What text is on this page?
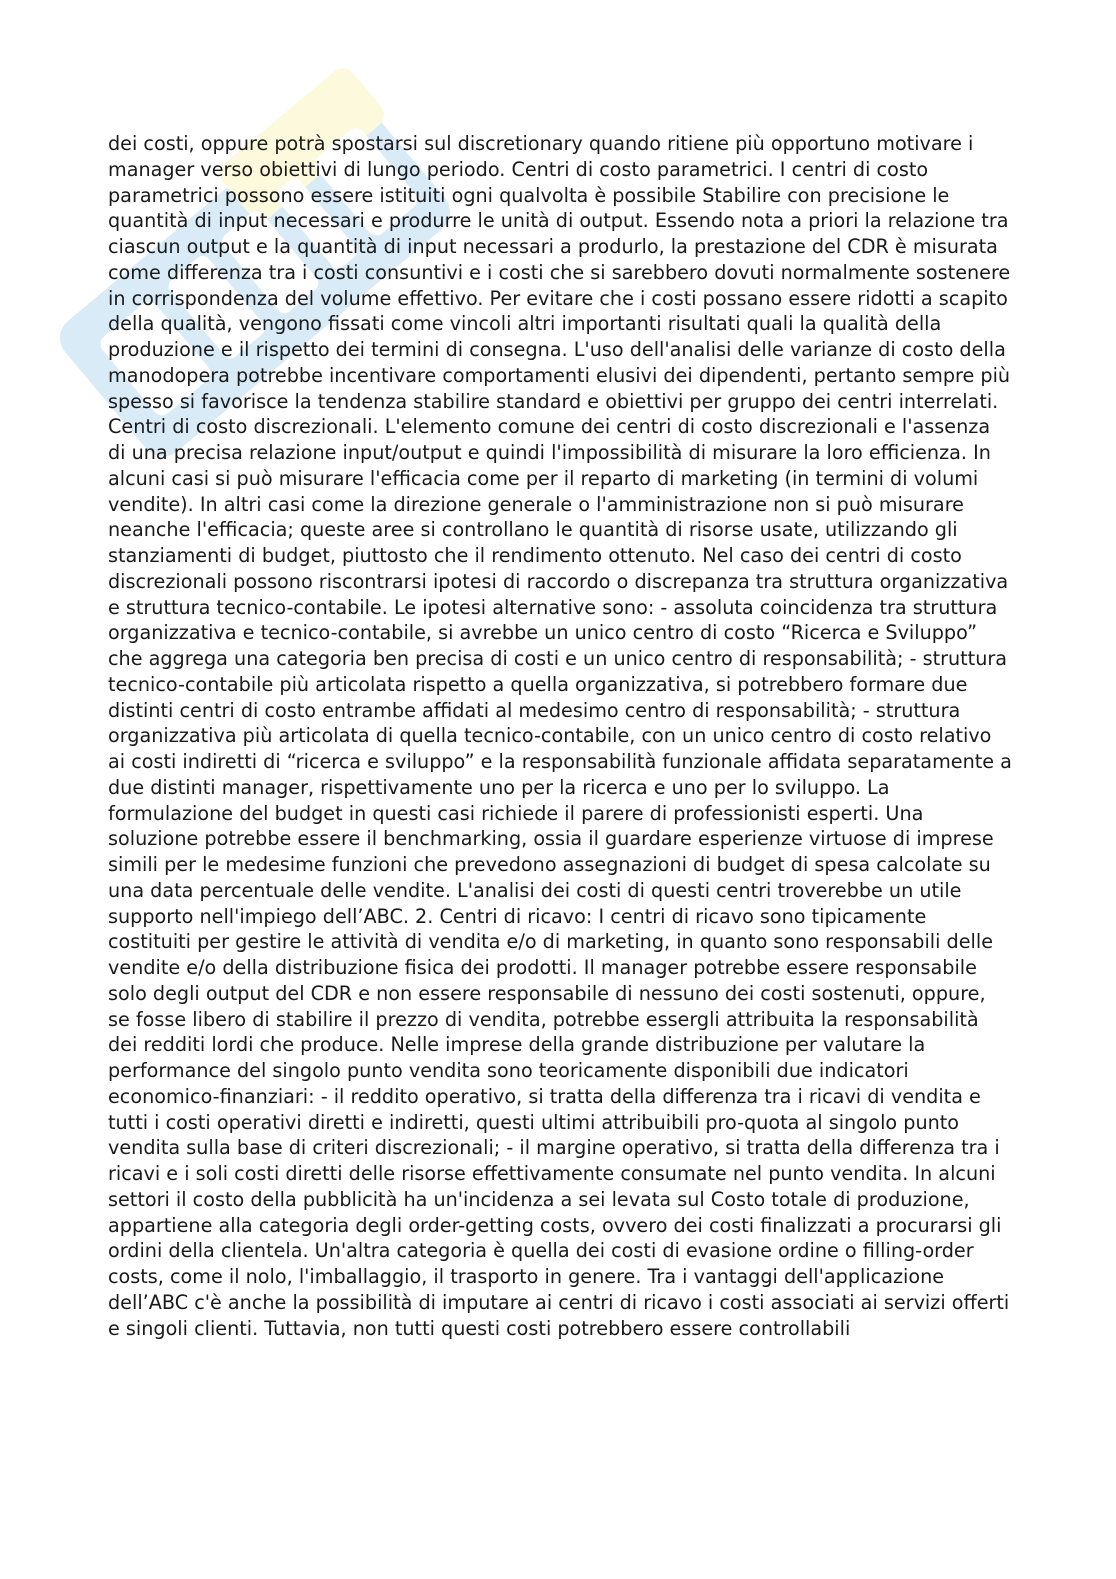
dei costi, oppure potrà spostarsi sul discretionary quando ritiene più opportuno motivare i manager verso obiettivi di lungo periodo. Centri di costo parametrici. I centri di costo parametrici possono essere istituiti ogni qualvolta è possibile Stabilire con precisione le quantità di input necessari e produrre le unità di output. Essendo nota a priori la relazione tra ciascun output e la quantità di input necessari a produrlo, la prestazione del CDR è misurata come differenza tra i costi consuntivi e i costi che si sarebbero dovuti normalmente sostenere in corrispondenza del volume effettivo. Per evitare che i costi possano essere ridotti a scapito della qualità, vengono fissati come vincoli altri importanti risultati quali la qualità della produzione e il rispetto dei termini di consegna. L'uso dell'analisi delle varianze di costo della manodopera potrebbe incentivare comportamenti elusivi dei dipendenti, pertanto sempre più spesso si favorisce la tendenza stabilire standard e obiettivi per gruppo dei centri interrelati. Centri di costo discrezionali. L'elemento comune dei centri di costo discrezionali e l'assenza di una precisa relazione input/output e quindi l'impossibilità di misurare la loro efficienza. In alcuni casi si può misurare l'efficacia come per il reparto di marketing (in termini di volumi vendite). In altri casi come la direzione generale o l'amministrazione non si può misurare neanche l'efficacia; queste aree si controllano le quantità di risorse usate, utilizzando gli stanziamenti di budget, piuttosto che il rendimento ottenuto. Nel caso dei centri di costo discrezionali possono riscontrarsi ipotesi di raccordo o discrepanza tra struttura organizzativa e struttura tecnico-contabile. Le ipotesi alternative sono: - assoluta coincidenza tra struttura organizzativa e tecnico-contabile, si avrebbe un unico centro di costo “Ricerca e Sviluppo” che aggrega una categoria ben precisa di costi e un unico centro di responsabilità; - struttura tecnico-contabile più articolata rispetto a quella organizzativa, si potrebbero formare due distinti centri di costo entrambe affidati al medesimo centro di responsabilità; - struttura organizzativa più articolata di quella tecnico-contabile, con un unico centro di costo relativo ai costi indiretti di “ricerca e sviluppo” e la responsabilità funzionale affidata separatamente a due distinti manager, rispettivamente uno per la ricerca e uno per lo sviluppo. La formulazione del budget in questi casi richiede il parere di professionisti esperti. Una soluzione potrebbe essere il benchmarking, ossia il guardare esperienze virtuose di imprese simili per le medesime funzioni che prevedono assegnazioni di budget di spesa calcolate su una data percentuale delle vendite. L'analisi dei costi di questi centri troverebbe un utile supporto nell'impiego dell’ABC. 2. Centri di ricavo: I centri di ricavo sono tipicamente costituiti per gestire le attività di vendita e/o di marketing, in quanto sono responsabili delle vendite e/o della distribuzione fisica dei prodotti. Il manager potrebbe essere responsabile solo degli output del CDR e non essere responsabile di nessuno dei costi sostenuti, oppure, se fosse libero di stabilire il prezzo di vendita, potrebbe essergli attribuita la responsabilità dei redditi lordi che produce. Nelle imprese della grande distribuzione per valutare la performance del singolo punto vendita sono teoricamente disponibili due indicatori economico-finanziari: - il reddito operativo, si tratta della differenza tra i ricavi di vendita e tutti i costi operativi diretti e indiretti, questi ultimi attribuibili pro-quota al singolo punto vendita sulla base di criteri discrezionali; - il margine operativo, si tratta della differenza tra i ricavi e i soli costi diretti delle risorse effettivamente consumate nel punto vendita. In alcuni settori il costo della pubblicità ha un'incidenza a sei levata sul Costo totale di produzione, appartiene alla categoria degli order-getting costs, ovvero dei costi finalizzati a procurarsi gli ordini della clientela. Un'altra categoria è quella dei costi di evasione ordine o filling-order costs, come il nolo, l'imballaggio, il trasporto in genere. Tra i vantaggi dell'applicazione dell’ABC c'è anche la possibilità di imputare ai centri di ricavo i costi associati ai servizi offerti e singoli clienti. Tuttavia, non tutti questi costi potrebbero essere controllabili
